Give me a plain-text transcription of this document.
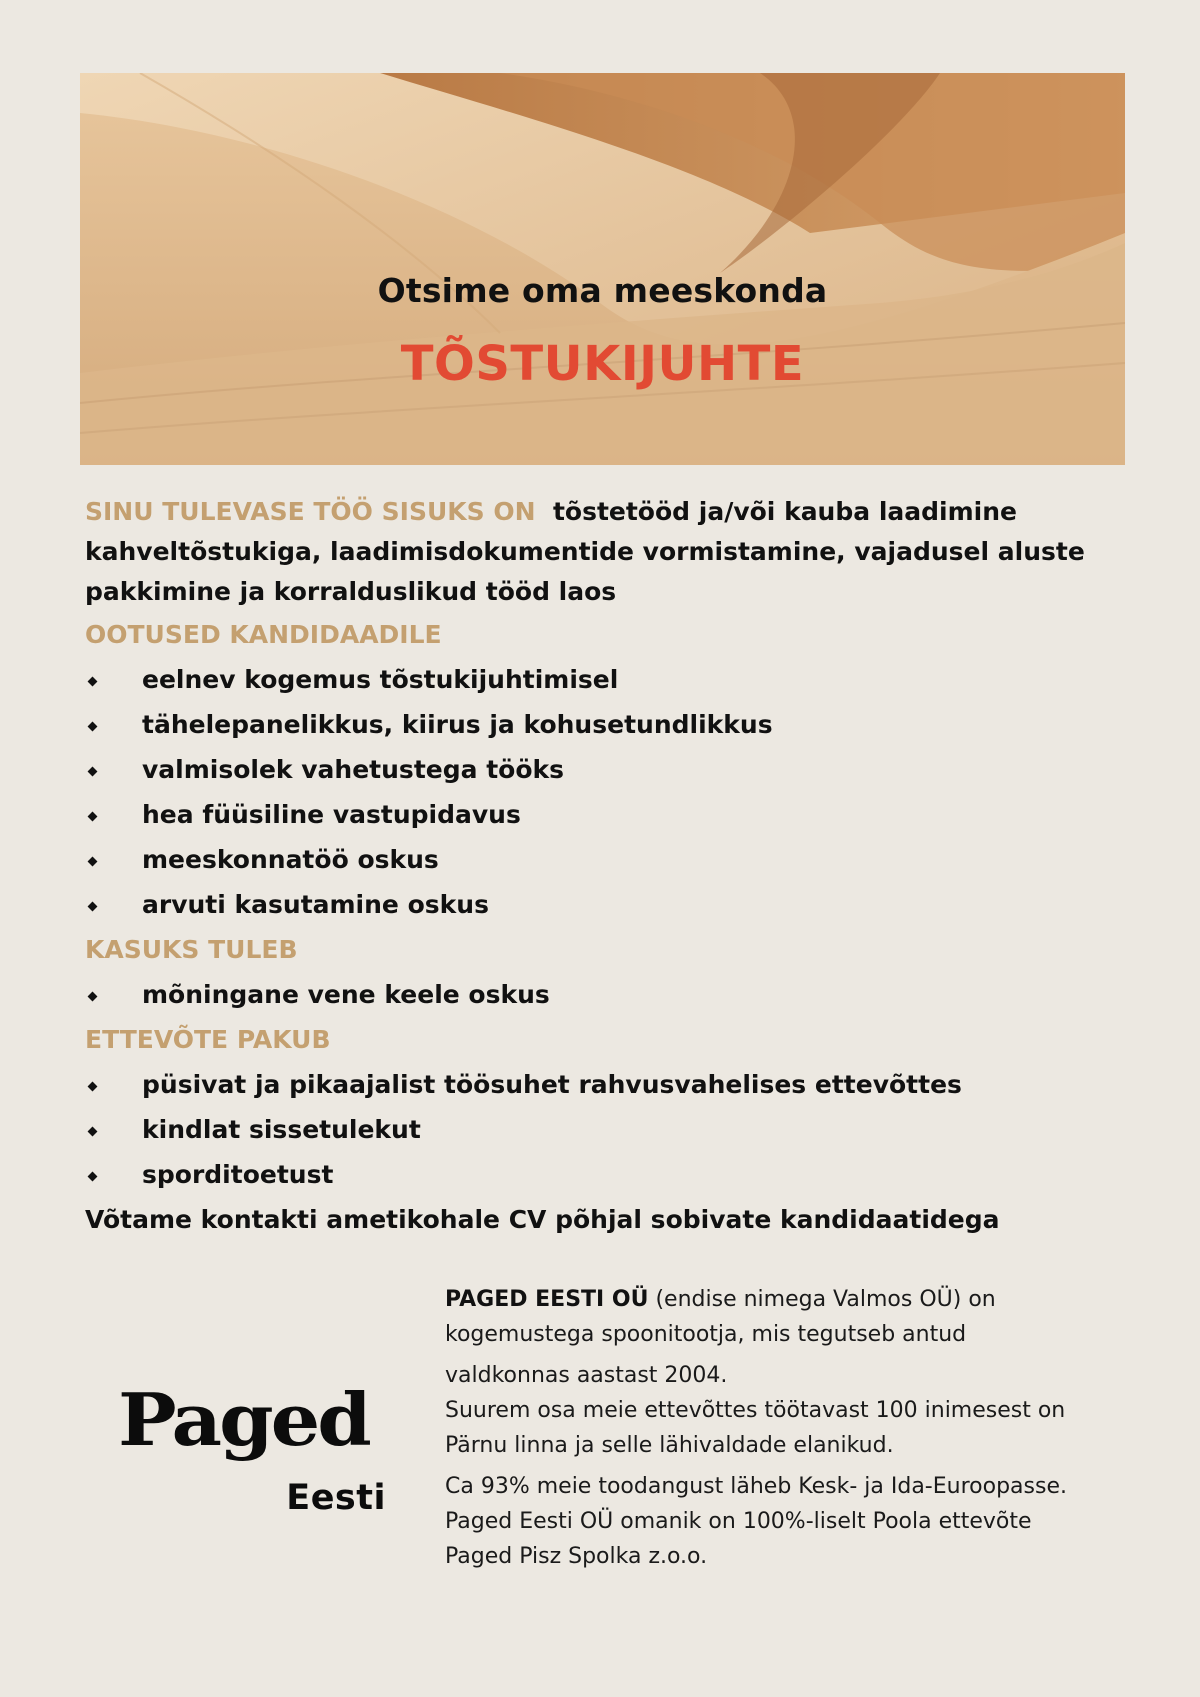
Otsime oma meeskonda
TÕSTUKIJUHTE

SINU TULEVASE TÖÖ SISUKS ON tõstetööd ja/või kauba laadimine kahveltõstukiga, laadimisdokumentide vormistamine, vajadusel aluste pakkimine ja korralduslikud tööd laos

OOTUSED KANDIDAADILE

eelnev kogemus tõstukijuhtimisel
tähelepanelikkus, kiirus ja kohusetundlikkus
valmisolek vahetustega tööks
hea füüsiline vastupidavus
meeskonnatöö oskus
arvuti kasutamine oskus

KASUKS TULEB

mõningane vene keele oskus

ETTEVÕTE PAKUB

püsivat ja pikaajalist töösuhet rahvusvahelises ettevõttes
kindlat sissetulekut
sporditoetust

Võtame kontakti ametikohale CV põhjal sobivate kandidaatidega

Paged
Eesti

PAGED EESTI OÜ (endise nimega Valmos OÜ) on

kogemustega spoonitootja, mis tegutseb antud

valdkonnas aastast 2004.

Suurem osa meie ettevõttes töötavast 100 inimesest on

Pärnu linna ja selle lähivaldade elanikud.

Ca 93% meie toodangust läheb Kesk- ja Ida-Euroopasse.

Paged Eesti OÜ omanik on 100%-liselt Poola ettevõte

Paged Pisz Spolka z.o.o.
